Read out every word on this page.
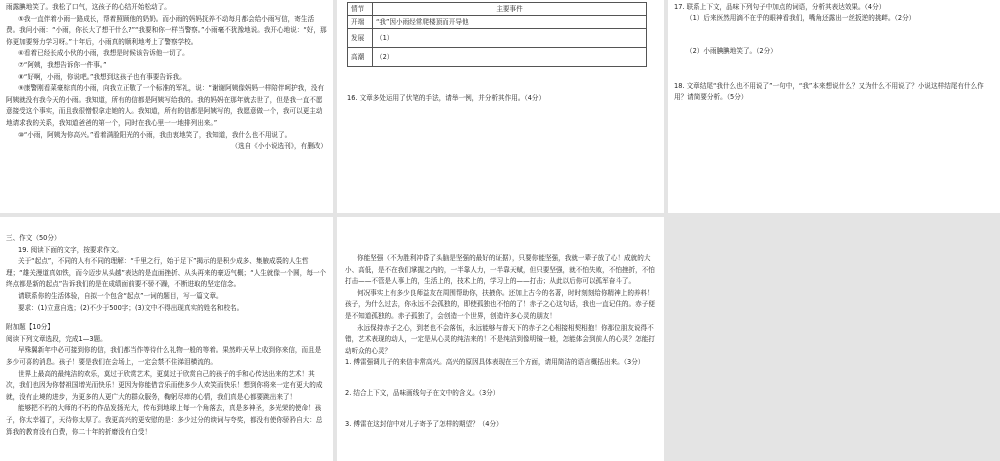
雨露腆地笑了。我松了口气，这孩子的心结开始松动了。

⑤我一直伴着小雨一路成长，帮着照顾他的奶奶。而小雨的妈妈抚养不动每月都会给小雨写信，寄生活费。我问小雨：“小雨，你长大了想干什么?”“我要和你一样当警察。”小雨毫不犹豫地说。我开心地说：“好，那你更加要努力学习呀。”十年后，小雨真的顺利地考上了警察学校。

⑥看着已经长成小伙的小雨，我想是时候该告诉他一切了。

⑦“阿姨，我想告诉你一件事。”

⑧“好啊，小雨，你说吧。”我想到这孩子也有事要告诉我。

⑨康警刚看菜豪棕真的小雨，向我立正敬了一个标准的军礼，说：“谢谢阿姨像妈妈一样陪伴呵护我，没有阿姨就没有我今天的小雨。我知道，所有的信都是阿姨写给我的。我的妈妈在那年就去世了，但是我一直不愿意接受这个事实，而且我很憎恨拿走她的人。我知道，所有的信都是阿姨写的，我愿意做一个，我可以更主动地请求我的关系，我知道爸爸的第一个，同时在我心里一一地排列出来。”

⑩“小雨，阿姨为你高兴。”看着满脸阳光的小雨，我由衷地笑了，我知道，我什么也不用说了。

（选自《小小说选刊》，有删改）

情节	主要事件
开端	“我”因小雨经常爬楼顶而开导他
发展	（1）
高潮	（2）

16. 文章多处运用了伏笔的手法，请举一例，并分析其作用。（4分）

17. 联系上下文，品味下列句子中加点的词语，分析其表达效果。（4分）

（1）后来医然用滴不在乎的眼神看我们，嘴角还露出一丝扳逆的挑衅。（2分）

（2）小雨腆腆地笑了。（2分）

18. 文章结尾“我什么也不用说了”一句中，“我”本来想说什么？又为什么不用说了？小说这样结尾有什么作用？请简要分析。（5分）

三、作文（50分）

19. 阅读下面的文字，按要求作文。

关于“起点”，不同的人有不同的理解：“千里之行，始于足下”揭示的是积少成多、集腋成裘的人生哲理；“雄关漫道真如铁，而今迈步从头越”表达的是直面挫折、从头再来的豪迈气概；“人生就像一个圆，每一个终点都是新的起点”告诉我们的是在成绩面前要不骄不躁，不断进取的坚定信念。

请联系你的生活体验，自拟一个包含“起点”一词的题目，写一篇文章。

要求：(1)立意自选；(2)不少于500字；(3)文中不得出现真实的姓名和校名。

附加题【10分】

阅读下列文章选段，完成1—3题。

早殊翼新年中必可接到你的信，我们都当作等待什么礼物一般的等着。果然昨天早上收到你来信，而且是多少可喜的消息。孩子！要是我们在会场上，一定会禁不住涕泪横流的。

世界上最高的最纯洁的欢乐，莫过于欣赏艺术，更莫过于欣赏自己的孩子的手和心传达出来的艺术！其次，我们也因为你替祖国增光而快乐！更因为你能借音乐而使多少人欢笑而快乐！想到你将来一定有更大的成就，没有止境的进步，为更多的人更广大的群众服务，鞠躬尽瘁的心情，我们真是心都要跳出来了！

能够把不朽的大师的不朽的作品发扬光大，传布到地球上每一个角落去，真是多神圣，多光荣的使命！孩子，你太幸福了，天待你太厚了。我更高兴的更安慰的是：多少过分的谀词与夸奖，都没有使你骄矜自大：总算我的教育没有白费，你二十年的折磨没有白受！

你能坚强（不为胜利冲昏了头脑是坚强的最好的证据），只要你能坚强，我就一辈子放了心！成就的大小、高低，是不在我们掌握之内的，一半靠人力，一半靠天赋，但只要坚强，就不怕失败，不怕挫折，不怕打击——不管是人事上的，生活上的，技术上的，学习上的——打击；从此以后你可以孤军奋斗了。

何况事实上有多少良师益友在周围帮助你，扶掖你。还加上古今的名著，时时刻刻给你精神上的养料！孩子，为什么过去，你永远不会孤独的，即使孤独也不怕的了！赤子之心这句话，我也一直记住的。赤子便是不知道孤独的。赤子孤独了，会创造一个世界，创造许多心灵的朋友！

永远保持赤子之心，到老也不会落伍，永远能够与普天下的赤子之心相接相契相抱！你那位朋友说得不错，艺术表现的动人，一定是从心灵的纯洁来的！不是纯洁到像明镜一般，怎能体会到前人的心灵？怎能打动听众的心灵？

1. 傅雷强调儿子的来信非常高兴。高兴的原因具体表现在三个方面，请用简洁的语言概括出来。（3分）

2. 结合上下文，品味画线句子在文中的含义。（3分）

3. 傅雷在这封信中对儿子寄予了怎样的期望？（4分）
